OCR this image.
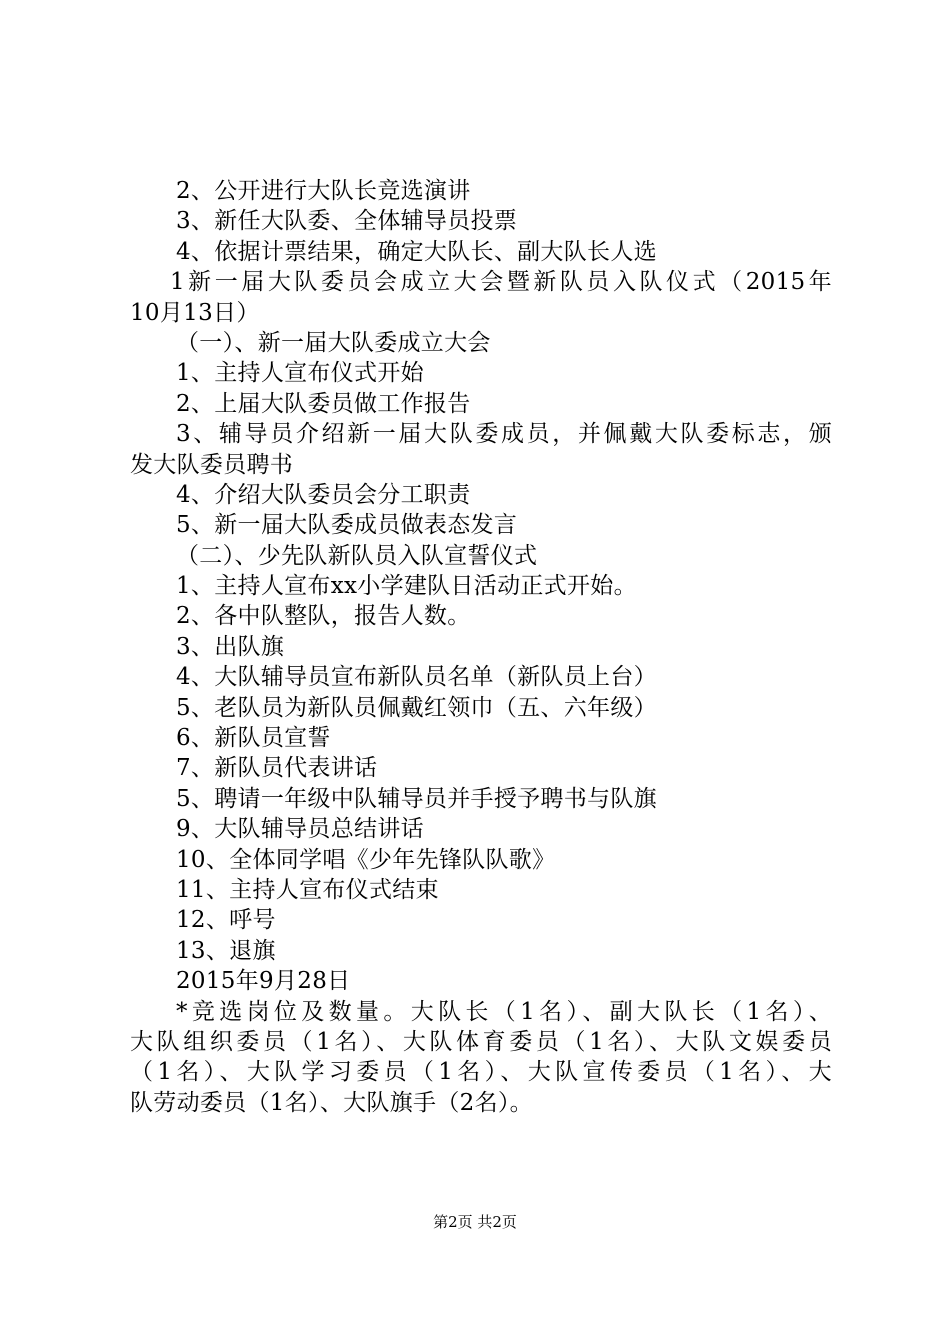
2、公开进行大队长竞选演讲
3、新任大队委、全体辅导员投票
4、依据计票结果，确定大队长、副大队长人选
1新一届大队委员会成立大会暨新队员入队仪式（2015年
10月13日）
（一）、新一届大队委成立大会
1、主持人宣布仪式开始
2、上届大队委员做工作报告
3、辅导员介绍新一届大队委成员，并佩戴大队委标志，颁
发大队委员聘书
4、介绍大队委员会分工职责
5、新一届大队委成员做表态发言
（二）、少先队新队员入队宣誓仪式
1、主持人宣布xx小学建队日活动正式开始。
2、各中队整队，报告人数。
3、出队旗
4、大队辅导员宣布新队员名单（新队员上台）
5、老队员为新队员佩戴红领巾（五、六年级）
6、新队员宣誓
7、新队员代表讲话
5、聘请一年级中队辅导员并手授予聘书与队旗
9、大队辅导员总结讲话
10、全体同学唱《少年先锋队队歌》
11、主持人宣布仪式结束
12、呼号
13、退旗
2015年9月28日
*竞选岗位及数量。大队长（1名）、副大队长（1名）、
大队组织委员（1名）、大队体育委员（1名）、大队文娱委员
（1名）、大队学习委员（1名）、大队宣传委员（1名）、大
队劳动委员（1名）、大队旗手（2名）。
第2页 共2页
